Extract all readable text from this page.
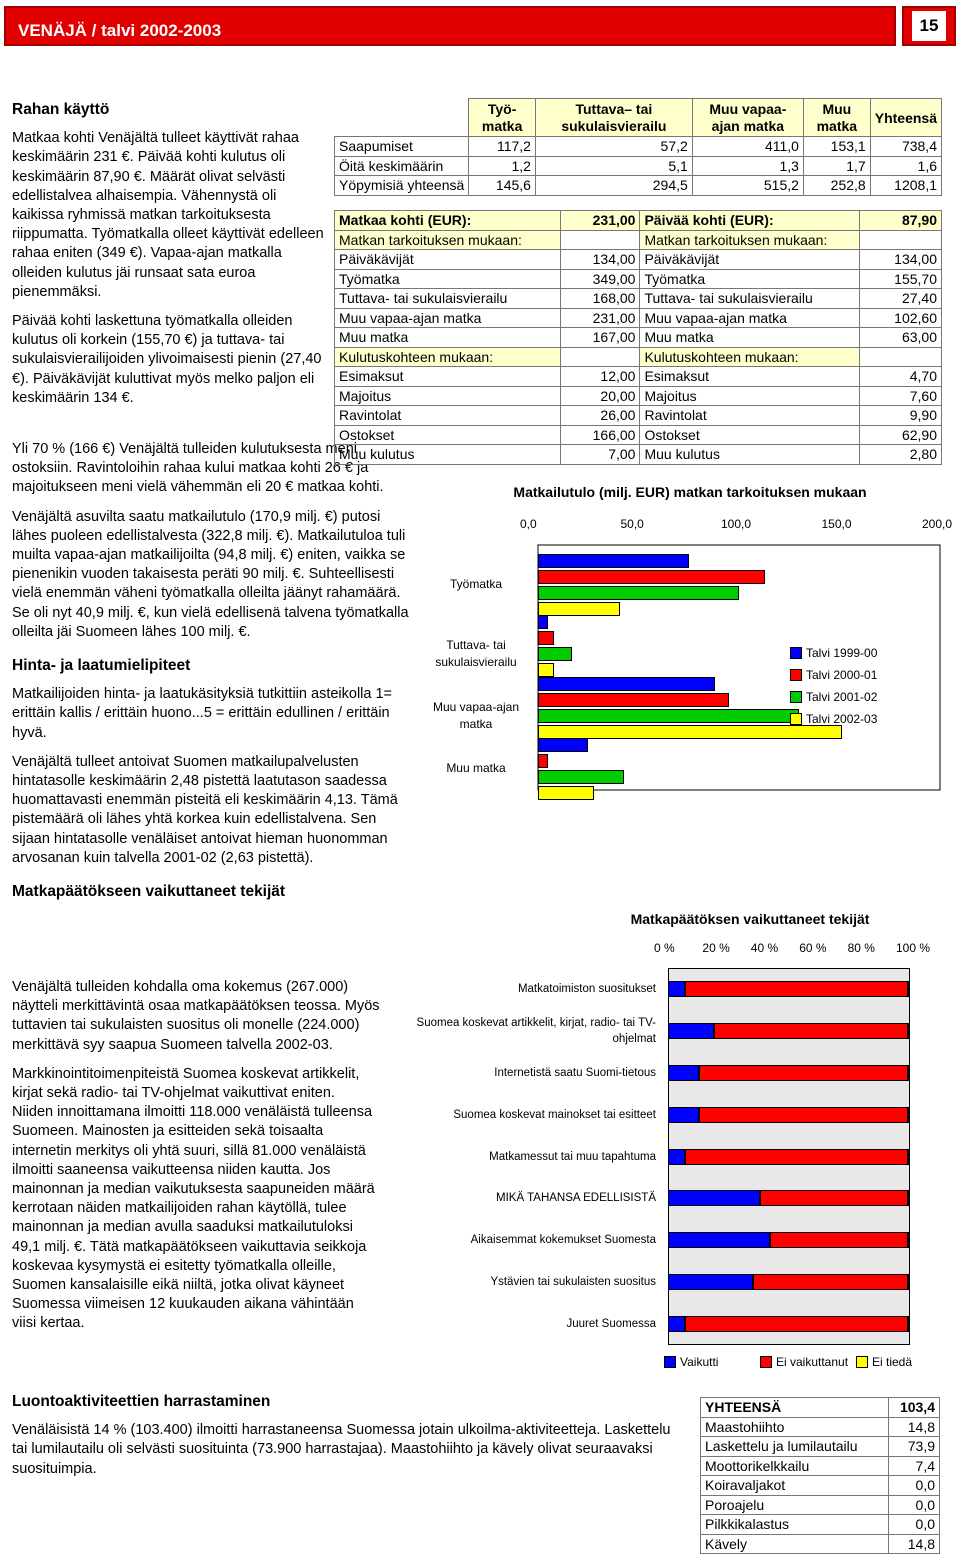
VENÄJÄ / talvi 2002-2003	15
Rahan käyttö

Matkaa kohti Venäjältä tulleet käyttivät rahaa keskimäärin 231 €. Päivää kohti kulutus oli keskimäärin 87,90 €. Määrät olivat selvästi edellistalvea alhaisempia. Vähennystä oli kaikissa ryhmissä matkan tarkoituksesta riippumatta. Työmatkalla olleet käyttivät edelleen rahaa eniten (349 €). Vapaa-ajan matkalla olleiden kulutus jäi runsaat sata euroa pienemmäksi.

Päivää kohti laskettuna työmatkalla olleiden kulutus oli korkein (155,70 €) ja tuttava- tai sukulaisvierailijoiden ylivoimaisesti pienin (27,40 €). Päiväkävijät kuluttivat myös melko paljon eli keskimäärin 134 €.

Yli 70 % (166 €) Venäjältä tulleiden kulutuksesta meni ostoksiin. Ravintoloihin rahaa kului matkaa kohti 26 € ja majoitukseen meni vielä vähemmän eli 20 € matkaa kohti.

Venäjältä asuvilta saatu matkailutulo (170,9 milj. €) putosi lähes puoleen edellistalvesta (322,8 milj. €). Matkailutuloa tuli muilta vapaa-ajan matkailijoilta (94,8 milj. €) eniten, vaikka se pienenikin vuoden takaisesta peräti 90 milj. €. Suhteellisesti vielä enemmän väheni työmatkalla olleilta jäänyt rahamäärä. Se oli nyt 40,9 milj. €, kun vielä edellisenä talvena työmatkalla olleilta jäi Suomeen lähes 100 milj. €.

Hinta- ja laatumielipiteet

Matkailijoiden hinta- ja laatukäsityksiä tutkittiin asteikolla 1= erittäin kallis / erittäin huono...5 = erittäin edullinen / erittäin hyvä.

Venäjältä tulleet antoivat Suomen matkailupalvelusten hintatasolle keskimäärin 2,48 pistettä laatutason saadessa huomattavasti enemmän pisteitä eli keskimäärin 4,13. Tämä pistemäärä oli lähes yhtä korkea kuin edellistalvena. Sen sijaan hintatasolle venäläiset antoivat hieman huonomman arvosanan kuin talvella 2001-02 (2,63 pistettä).

Matkapäätökseen vaikuttaneet tekijät

Venäjältä tulleiden kohdalla oma kokemus (267.000) näytteli merkittävintä osaa matkapäätöksen teossa. Myös tuttavien tai sukulaisten suositus oli monelle (224.000) merkittävä syy saapua Suomeen talvella 2002-03.

Markkinointitoimenpiteistä Suomea koskevat artikkelit, kirjat sekä radio- tai TV-ohjelmat vaikuttivat eniten. Niiden innoittamana ilmoitti 118.000 venäläistä tulleensa Suomeen. Mainosten ja esitteiden sekä toisaalta internetin merkitys oli yhtä suuri, sillä 81.000 venäläistä ilmoitti saaneensa vaikutteensa niiden kautta. Jos mainonnan ja median vaikutuksesta saapuneiden määrä kerrotaan näiden matkailijoiden rahan käytöllä, tulee mainonnan ja median avulla saaduksi matkailutuloksi 49,1 milj. €. Tätä matkapäätökseen vaikuttavia seikkoja koskevaa kysymystä ei esitetty työmatkalla olleille, Suomen kansalaisille eikä niiltä, jotka olivat käyneet Suomessa viimeisen 12 kuukauden aikana vähintään viisi kertaa.

Luontoaktiviteettien harrastaminen

Venäläisistä 14 % (103.400) ilmoitti harrastaneensa Suomessa jotain ulkoilma-aktiviteetteja. Laskettelu tai lumilautailu oli selvästi suosituinta (73.900 harrastajaa). Maastohiihto ja kävely olivat seuraavaksi suosituimpia.

	Työ- matka	Tuttava– tai sukulaisvierailu	Muu vapaa- ajan matka	Muu matka	Yhteensä
Saapumiset	117,2	57,2	411,0	153,1	738,4
Öitä keskimäärin	1,2	5,1	1,3	1,7	1,6
Yöpymisiä yhteensä	145,6	294,5	515,2	252,8	1208,1
Matkaa kohti (EUR):	231,00	Päivää kohti (EUR):	87,90
Matkan tarkoituksen mukaan:		Matkan tarkoituksen mukaan:	
Päiväkävijät	134,00	Päiväkävijät	134,00
Työmatka	349,00	Työmatka	155,70
Tuttava- tai sukulaisvierailu	168,00	Tuttava- tai sukulaisvierailu	27,40
Muu vapaa-ajan matka	231,00	Muu vapaa-ajan matka	102,60
Muu matka	167,00	Muu matka	63,00
Kulutuskohteen mukaan:		Kulutuskohteen mukaan:	
Esimaksut	12,00	Esimaksut	4,70
Majoitus	20,00	Majoitus	7,60
Ravintolat	26,00	Ravintolat	9,90
Ostokset	166,00	Ostokset	62,90
Muu kulutus	7,00	Muu kulutus	2,80
Matkailutulo (milj. EUR) matkan tarkoituksen mukaan
0,0	50,0	100,0	150,0	200,0
Työmatka
Tuttava- tai sukulaisvierailu
Muu vapaa-ajan matka
Muu matka
Talvi 1999-00
Talvi 2000-01
Talvi 2001-02
Talvi 2002-03
Matkapäätöksen vaikuttaneet tekijät
0 % 20 % 40 % 60 % 80 % 100 %
Matkatoimiston suositukset
Suomea koskevat artikkelit, kirjat, radio- tai TV-ohjelmat
Internetistä saatu Suomi-tietous
Suomea koskevat mainokset tai esitteet
Matkamessut tai muu tapahtuma
MIKÄ TAHANSA EDELLISISTÄ
Aikaisemmat kokemukset Suomesta
Ystävien tai sukulaisten suositus
Juuret Suomessa
Vaikutti	Ei vaikuttanut Ei tiedä
YHTEENSÄ	103,4
Maastohiihto	14,8
Laskettelu ja lumilautailu	73,9
Moottorikelkkailu	7,4
Koiravaljakot	0,0
Poroajelu	0,0
Pilkkikalastus	0,0
Kävely	14,8
